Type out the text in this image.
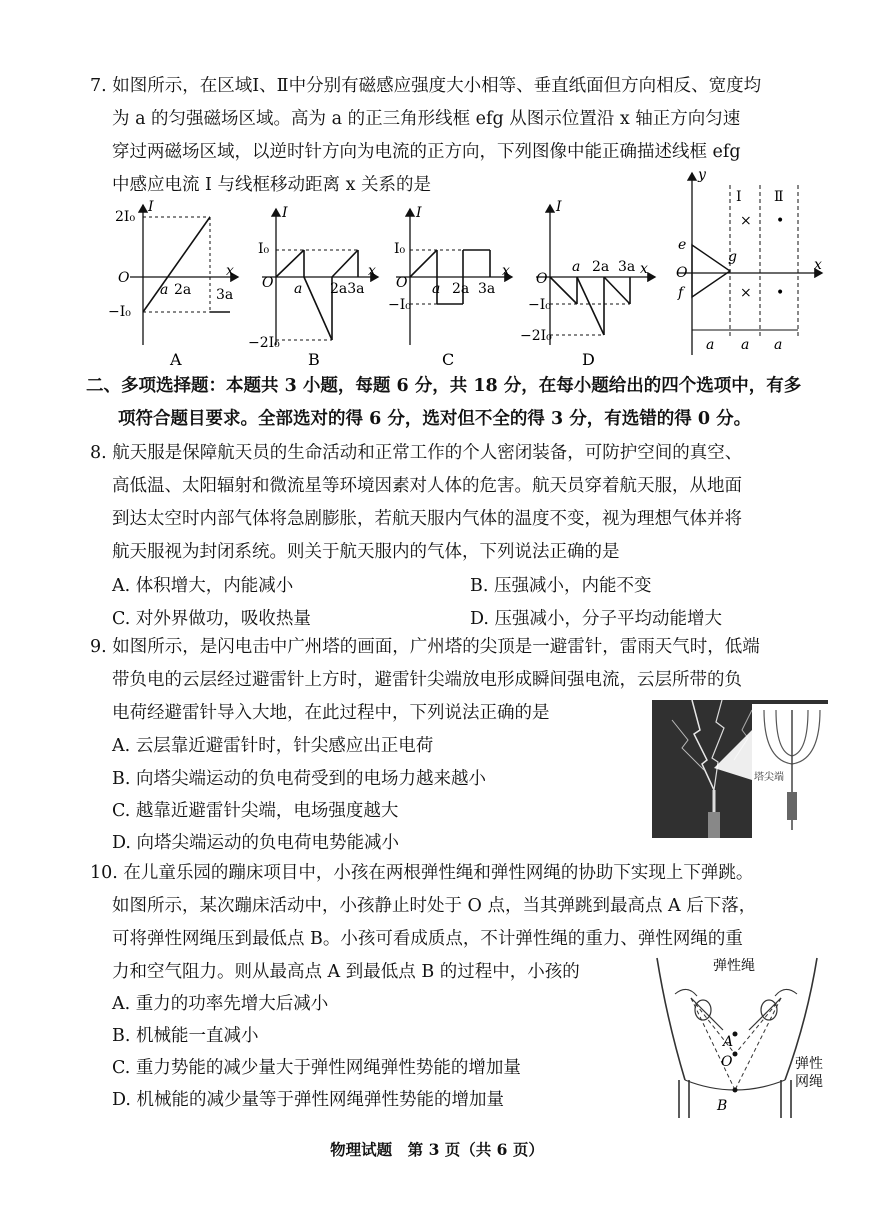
7. 如图所示，在区域Ⅰ、Ⅱ中分别有磁感应强度大小相等、垂直纸面但方向相反、宽度均
为 a 的匀强磁场区域。高为 a 的正三角形线框 efg 从图示位置沿 x 轴正方向匀速
穿过两磁场区域，以逆时针方向为电流的正方向，下列图像中能正确描述线框 efg
中感应电流 I 与线框移动距离 x 关系的是
I
2I₀
O
−I₀
a 2a 3a
x
A
I
I₀
O a 2a3a
x
−2I₀
B
I
I₀
O
−I₀
a 2a 3a
x
C
I
O
a 2a 3a x
−I₀
−2I₀
D
y
Ⅰ Ⅱ
×
×
•
•
e
f
g
O	x
a a a
二、多项选择题：本题共 3 小题，每题 6 分，共 18 分，在每小题给出的四个选项中，有多
项符合题目要求。全部选对的得 6 分，选对但不全的得 3 分，有选错的得 0 分。
8. 航天服是保障航天员的生命活动和正常工作的个人密闭装备，可防护空间的真空、
高低温、太阳辐射和微流星等环境因素对人体的危害。航天员穿着航天服，从地面
到达太空时内部气体将急剧膨胀，若航天服内气体的温度不变，视为理想气体并将
航天服视为封闭系统。则关于航天服内的气体，下列说法正确的是
A. 体积增大，内能减小	B. 压强减小，内能不变
C. 对外界做功，吸收热量	D. 压强减小，分子平均动能增大
9. 如图所示，是闪电击中广州塔的画面，广州塔的尖顶是一避雷针，雷雨天气时，低端
带负电的云层经过避雷针上方时，避雷针尖端放电形成瞬间强电流，云层所带的负
电荷经避雷针导入大地，在此过程中，下列说法正确的是
A. 云层靠近避雷针时，针尖感应出正电荷
B. 向塔尖端运动的负电荷受到的电场力越来越小
C. 越靠近避雷针尖端，电场强度越大
D. 向塔尖端运动的负电荷电势能减小
塔尖端
10. 在儿童乐园的蹦床项目中，小孩在两根弹性绳和弹性网绳的协助下实现上下弹跳。
如图所示，某次蹦床活动中，小孩静止时处于 O 点，当其弹跳到最高点 A 后下落，
可将弹性网绳压到最低点 B。小孩可看成质点，不计弹性绳的重力、弹性网绳的重
力和空气阻力。则从最高点 A 到最低点 B 的过程中，小孩的
A. 重力的功率先增大后减小
B. 机械能一直减小
C. 重力势能的减少量大于弹性网绳弹性势能的增加量
D. 机械能的减少量等于弹性网绳弹性势能的增加量
弹性绳
A
O
B
弹性
网绳
物理试题　第 3 页（共 6 页）
